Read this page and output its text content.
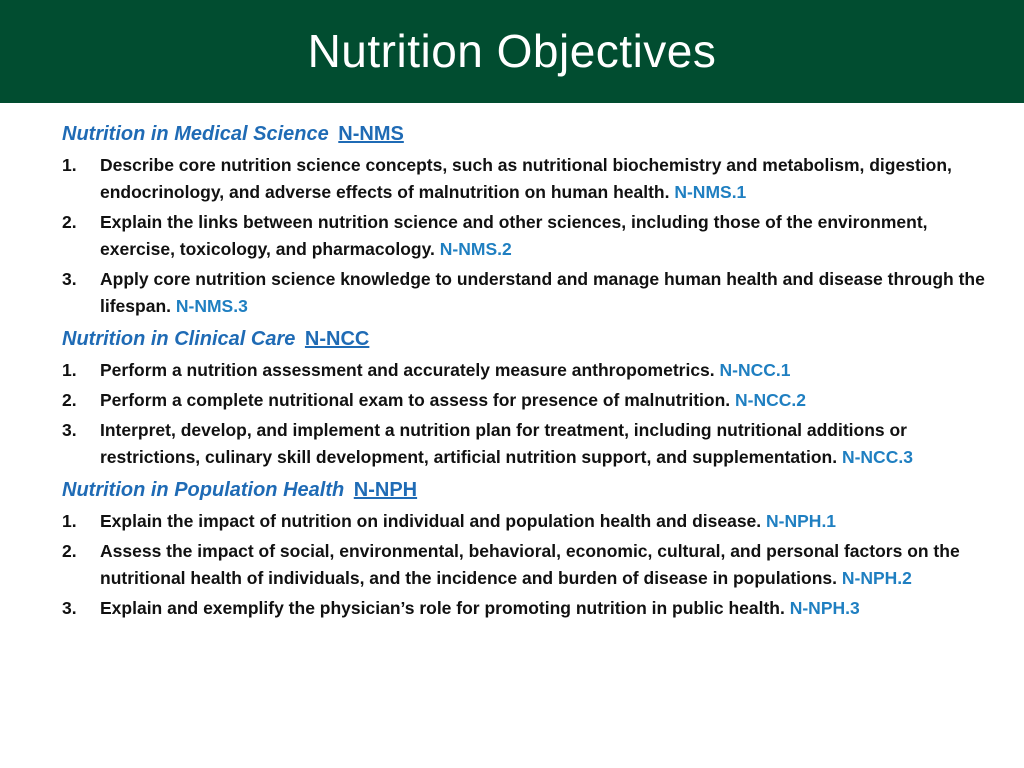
Nutrition Objectives
Nutrition in Medical Science N-NMS
1.	Describe core nutrition science concepts, such as nutritional biochemistry and metabolism, digestion, endocrinology, and adverse effects of malnutrition on human health. N-NMS.1
2.	Explain the links between nutrition science and other sciences, including those of the environment, exercise, toxicology, and pharmacology. N-NMS.2
3.	Apply core nutrition science knowledge to understand and manage human health and disease through the lifespan. N-NMS.3
Nutrition in Clinical Care N-NCC
1.	Perform a nutrition assessment and accurately measure anthropometrics. N-NCC.1
2.	Perform a complete nutritional exam to assess for presence of malnutrition. N-NCC.2
3.	Interpret, develop, and implement a nutrition plan for treatment, including nutritional additions or restrictions, culinary skill development, artificial nutrition support, and supplementation. N-NCC.3
Nutrition in Population Health N-NPH
1.	Explain the impact of nutrition on individual and population health and disease. N-NPH.1
2.	Assess the impact of social, environmental, behavioral, economic, cultural, and personal factors on the nutritional health of individuals, and the incidence and burden of disease in populations. N-NPH.2
3.	Explain and exemplify the physician’s role for promoting nutrition in public health. N-NPH.3
